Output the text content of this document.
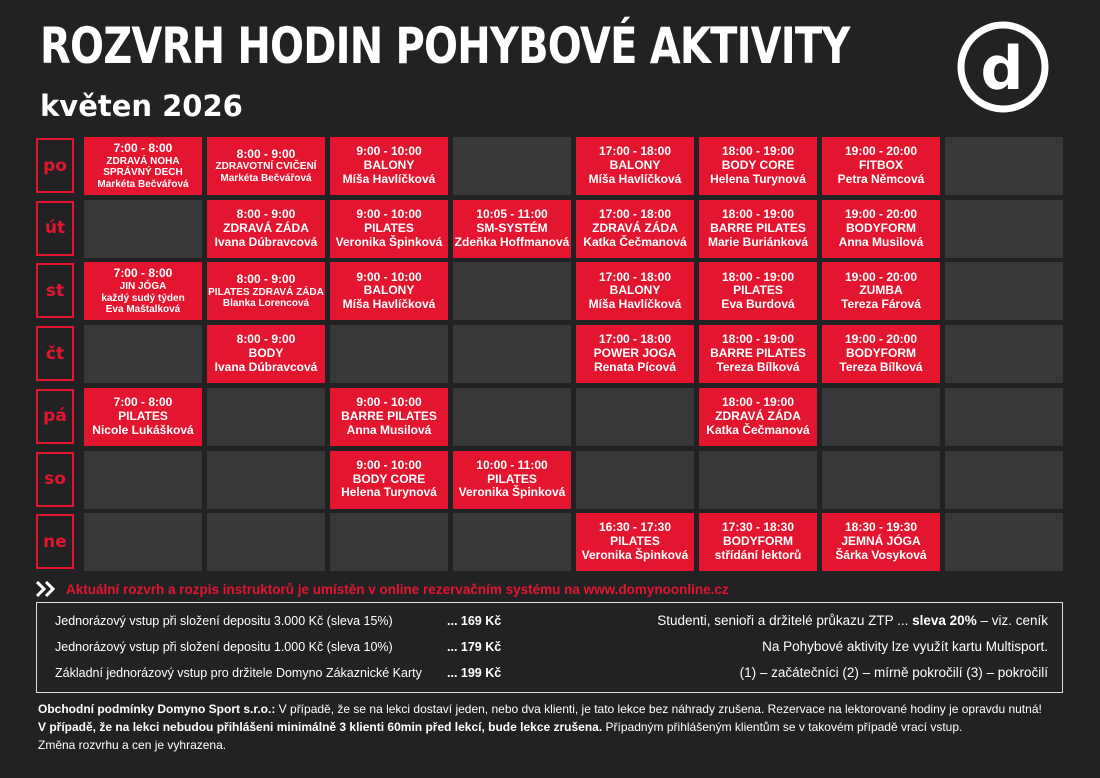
ROZVRH HODIN POHYBOVÉ AKTIVITY
květen 2026
d
po
7:00 - 8:00
ZDRAVÁ NOHA
SPRÁVNÝ DECH
Markéta Bečvářová
8:00 - 9:00
ZDRAVOTNÍ CVIČENÍ
Markéta Bečvářová
9:00 - 10:00
BALONY
Míša Havlíčková
17:00 - 18:00
BALONY
Míša Havlíčková
18:00 - 19:00
BODY CORE
Helena Turynová
19:00 - 20:00
FITBOX
Petra Němcová
út
8:00 - 9:00
ZDRAVÁ ZÁDA
Ivana Dúbravcová
9:00 - 10:00
PILATES
Veronika Špinková
10:05 - 11:00
SM-SYSTÉM
Zdeňka Hoffmanová
17:00 - 18:00
ZDRAVÁ ZÁDA
Katka Čečmanová
18:00 - 19:00
BARRE PILATES
Marie Buriánková
19:00 - 20:00
BODYFORM
Anna Musilová
st
7:00 - 8:00
JIN JÓGA
každý sudý týden
Eva Maštalková
8:00 - 9:00
PILATES ZDRAVÁ ZÁDA
Blanka Lorencová
9:00 - 10:00
BALONY
Míša Havlíčková
17:00 - 18:00
BALONY
Míša Havlíčková
18:00 - 19:00
PILATES
Eva Burdová
19:00 - 20:00
ZUMBA
Tereza Fárová
čt
8:00 - 9:00
BODY
Ivana Dúbravcová
17:00 - 18:00
POWER JOGA
Renata Pícová
18:00 - 19:00
BARRE PILATES
Tereza Bílková
19:00 - 20:00
BODYFORM
Tereza Bílková
pá
7:00 - 8:00
PILATES
Nicole Lukášková
9:00 - 10:00
BARRE PILATES
Anna Musilová
18:00 - 19:00
ZDRAVÁ ZÁDA
Katka Čečmanová
so
9:00 - 10:00
BODY CORE
Helena Turynová
10:00 - 11:00
PILATES
Veronika Špinková
ne
16:30 - 17:30
PILATES
Veronika Špinková
17:30 - 18:30
BODYFORM
střídání lektorů
18:30 - 19:30
JEMNÁ JÓGA
Šárka Vosyková
Aktuální rozvrh a rozpis instruktorů je umístěn v online rezervačním systému na www.domynoonline.cz
Jednorázový vstup při složení depositu 3.000 Kč (sleva 15%)	... 169 Kč
Jednorázový vstup při složení depositu 1.000 Kč (sleva 10%)	... 179 Kč
Základní jednorázový vstup pro držitele Domyno Zákaznické Karty ... 199 Kč
Studenti, senioři a držitelé průkazu ZTP ... sleva 20% – viz. ceník
Na Pohybové aktivity lze využít kartu Multisport.
(1) – začátečníci (2) – mírně pokročilí (3) – pokročilí
Obchodní podmínky Domyno Sport s.r.o.: V případě, že se na lekci dostaví jeden, nebo dva klienti, je tato lekce bez náhrady zrušena. Rezervace na lektorované hodiny je opravdu nutná!
V případě, že na lekci nebudou přihlášeni minimálně 3 klienti 60min před lekcí, bude lekce zrušena. Případným přihlášeným klientům se v takovém případě vrací vstup.
Změna rozvrhu a cen je vyhrazena.
